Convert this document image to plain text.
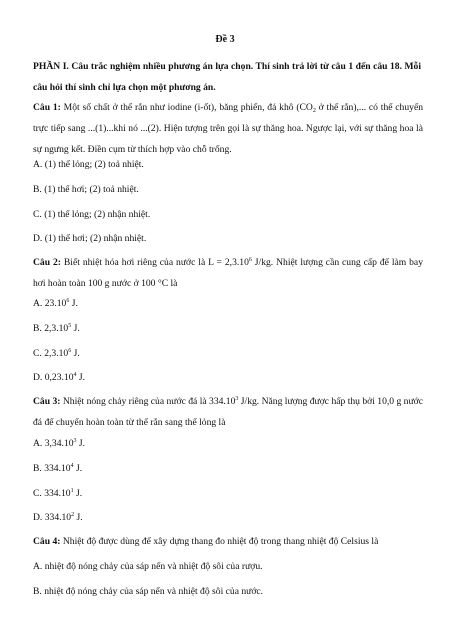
Đề 3
PHẦN I. Câu trắc nghiệm nhiều phương án lựa chọn. Thí sinh trả lời từ câu 1 đến câu 18. Mỗi câu hỏi thí sinh chỉ lựa chọn một phương án.
Câu 1: Một số chất ở thể rắn như iodine (i-ốt), băng phiến, đá khô ($CO_2$ ở thể rắn),... có thể chuyển trực tiếp sang ...(1)...khi nó ...(2). Hiện tượng trên gọi là sự thăng hoa. Ngược lại, với sự thăng hoa là sự ngưng kết. Điền cụm từ thích hợp vào chỗ trống.
A. (1) thể lỏng; (2) toả nhiệt.
B. (1) thể hơi; (2) toả nhiệt.
C. (1) thể lỏng; (2) nhận nhiệt.
D. (1) thể hơi; (2) nhận nhiệt.
Câu 2: Biết nhiệt hóa hơi riêng của nước là $L = 2,3.10^6$ J/kg. Nhiệt lượng cần cung cấp để làm bay hơi hoàn toàn 100 g nước ở 100 °C là
A. 23.10$^6$ J.
B. 2,3.10$^5$ J.
C. 2,3.10$^6$ J.
D. 0,23.10$^4$ J.
Câu 3: Nhiệt nóng chảy riêng của nước đá là 334.10$^3$ J/kg. Năng lượng được hấp thụ bởi 10,0 g nước đá để chuyển hoàn toàn từ thể rắn sang thể lỏng là
A. 3,34.10$^3$ J.
B. 334.10$^4$ J.
C. 334.10$^1$ J.
D. 334.10$^2$ J.
Câu 4: Nhiệt độ được dùng để xây dựng thang đo nhiệt độ trong thang nhiệt độ Celsius là
A. nhiệt độ nóng chảy của sáp nến và nhiệt độ sôi của rượu.
B. nhiệt độ nóng chảy của sáp nến và nhiệt độ sôi của nước.
